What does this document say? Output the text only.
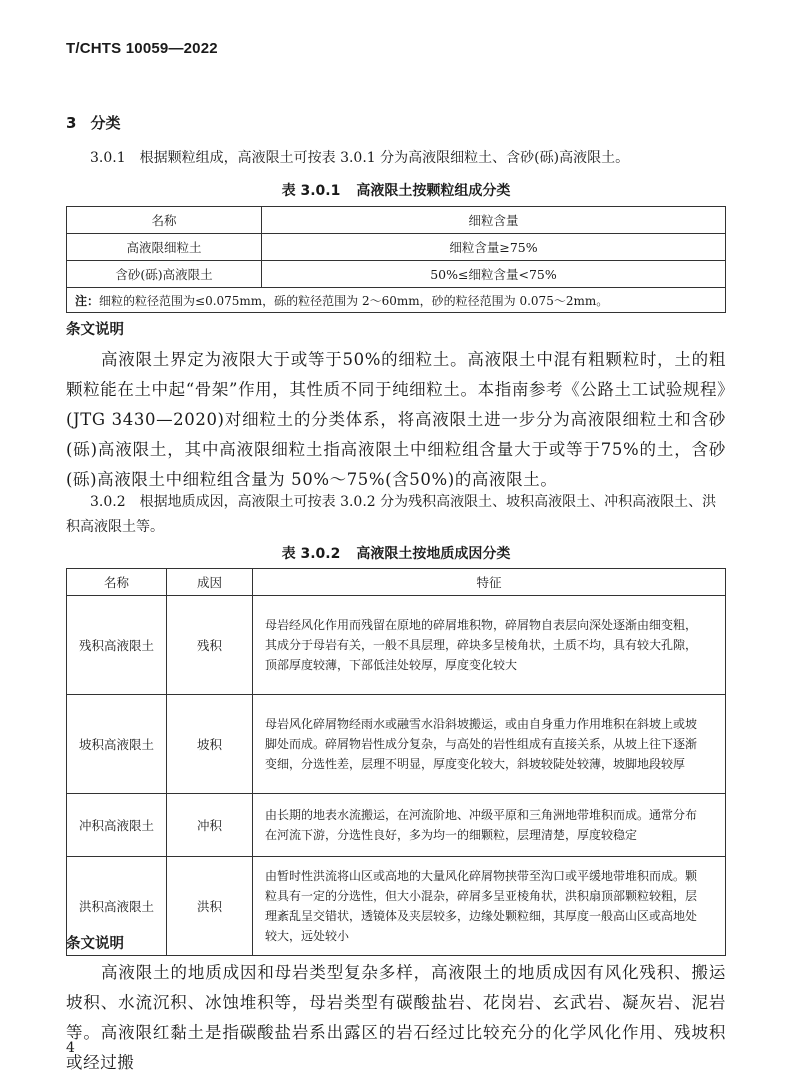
T/CHTS 10059—2022
3 分类
3.0.1　根据颗粒组成，高液限土可按表 3.0.1 分为高液限细粒土、含砂(砾)高液限土。
表 3.0.1 高液限土按颗粒组成分类
名称	细粒含量
高液限细粒土	细粒含量≥75%
含砂(砾)高液限土	50%≤细粒含量<75%
注：细粒的粒径范围为≤0.075mm，砾的粒径范围为 2～60mm，砂的粒径范围为 0.075～2mm。	
条文说明
高液限土界定为液限大于或等于50%的细粒土。高液限土中混有粗颗粒时，土的粗颗粒能在土中起“骨架”作用，其性质不同于纯细粒土。本指南参考《公路土工试验规程》(JTG 3430—2020)对细粒土的分类体系，将高液限土进一步分为高液限细粒土和含砂(砾)高液限土，其中高液限细粒土指高液限土中细粒组含量大于或等于75%的土，含砂(砾)高液限土中细粒组含量为 50%～75%(含50%)的高液限土。
3.0.2　根据地质成因，高液限土可按表 3.0.2 分为残积高液限土、坡积高液限土、冲积高液限土、洪积高液限土等。
表 3.0.2 高液限土按地质成因分类
名称	成因	特征
残积高液限土	残积	母岩经风化作用而残留在原地的碎屑堆积物，碎屑物自表层向深处逐渐由细变粗，其成分于母岩有关，一般不具层理，碎块多呈棱角状，土质不均，具有较大孔隙，顶部厚度较薄，下部低洼处较厚，厚度变化较大
坡积高液限土	坡积	母岩风化碎屑物经雨水或融雪水沿斜坡搬运，或由自身重力作用堆积在斜坡上或坡脚处而成。碎屑物岩性成分复杂，与高处的岩性组成有直接关系，从坡上往下逐渐变细，分选性差，层理不明显，厚度变化较大，斜坡较陡处较薄，坡脚地段较厚
冲积高液限土	冲积	由长期的地表水流搬运，在河流阶地、冲级平原和三角洲地带堆积而成。通常分布在河流下游，分选性良好，多为均一的细颗粒，层理清楚，厚度较稳定
洪积高液限土	洪积	由暂时性洪流将山区或高地的大量风化碎屑物挟带至沟口或平缓地带堆积而成。颗粒具有一定的分选性，但大小混杂，碎屑多呈亚棱角状，洪积扇顶部颗粒较粗，层理紊乱呈交错状，透镜体及夹层较多，边缘处颗粒细，其厚度一般高山区或高地处较大，远处较小
条文说明
高液限土的地质成因和母岩类型复杂多样，高液限土的地质成因有风化残积、搬运坡积、水流沉积、冰蚀堆积等，母岩类型有碳酸盐岩、花岗岩、玄武岩、凝灰岩、泥岩等。高液限红黏土是指碳酸盐岩系出露区的岩石经过比较充分的化学风化作用、残坡积或经过搬
4
